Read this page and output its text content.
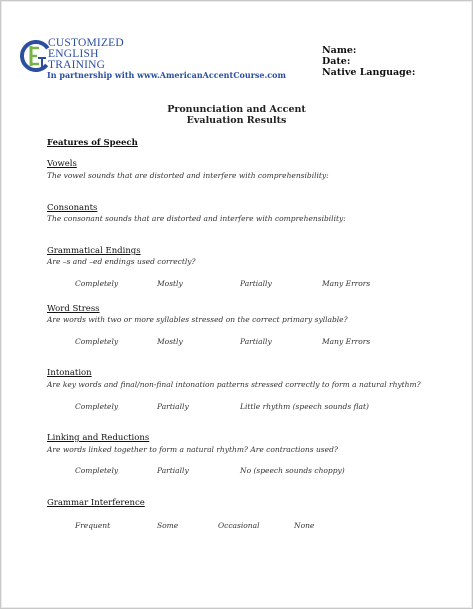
CUSTOMIZED
ENGLISH
TRAINING
In partnership with www.AmericanAccentCourse.com
Name:
Date:
Native Language:
Pronunciation and Accent
Evaluation Results
Features of Speech
Vowels
The vowel sounds that are distorted and interfere with comprehensibility:
Consonants
The consonant sounds that are distorted and interfere with comprehensibility:
Grammatical Endings
Are –s and –ed endings used correctly?
Completely	Mostly	Partially	Many Errors
Word Stress
Are words with two or more syllables stressed on the correct primary syllable?
Completely	Mostly	Partially	Many Errors
Intonation
Are key words and final/non-final intonation patterns stressed correctly to form a natural rhythm?
Completely	Partially	Little rhythm (speech sounds flat)
Linking and Reductions
Are words linked together to form a natural rhythm? Are contractions used?
Completely	Partially	No (speech sounds choppy)
Grammar Interference
Frequent	Some	Occasional	None
